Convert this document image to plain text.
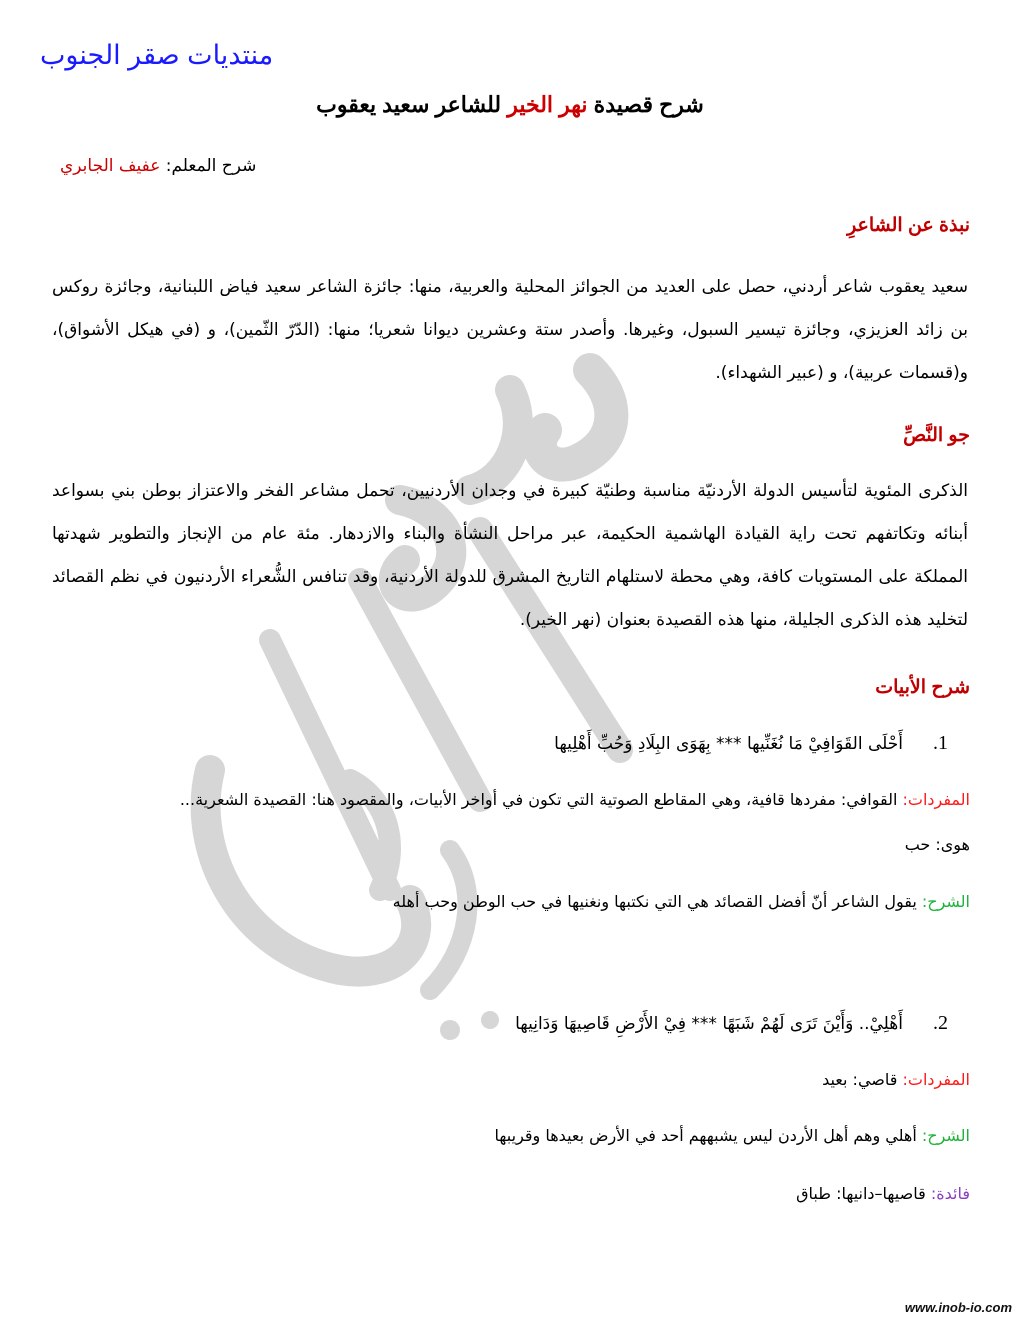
منتديات صقر الجنوب
شرح قصيدة نهر الخير للشاعر سعيد يعقوب
شرح المعلم: عفيف الجابري
نبذة عن الشاعرِ
سعيد يعقوب شاعر أردني، حصل على العديد من الجوائز المحلية والعربية، منها: جائزة الشاعر سعيد فياض اللبنانية، وجائزة روكس بن زائد العزيزي، وجائزة تيسير السبول، وغيرها. وأصدر ستة وعشرين ديوانا شعريا؛ منها: (الدّرّ الثّمين)، و (في هيكل الأشواق)، و(قسمات عربية)، و (عبير الشهداء).
جو النَّصِّ
الذكرى المئوية لتأسيس الدولة الأردنيّة مناسبة وطنيّة كبيرة في وجدان الأردنيين، تحمل مشاعر الفخر والاعتزاز بوطن بني بسواعد أبنائه وتكاتفهم تحت راية القيادة الهاشمية الحكيمة، عبر مراحل النشأة والبناء والازدهار. مئة عام من الإنجاز والتطوير شهدتها المملكة على المستويات كافة، وهي محطة لاستلهام التاريخ المشرق للدولة الأردنية، وقد تنافس الشُّعراء الأردنيون في نظم القصائد لتخليد هذه الذكرى الجليلة، منها هذه القصيدة بعنوان (نهر الخير).
شرح الأبيات
1.
أَحْلَى القَوَافِيْ مَا نُغَنِّيها *** بِهَوَى البِلَادِ وَحُبِّ أَهْلِيها
المفردات: القوافي: مفردها قافية، وهي المقاطع الصوتية التي تكون في أواخر الأبيات، والمقصود هنا: القصيدة الشعرية...
هوى: حب
الشرح: يقول الشاعر أنّ أفضل القصائد هي التي نكتبها ونغنيها في حب الوطن وحب أهله
2.
أَهْلِيْ.. وَأَيْنَ تَرَى لَهُمْ شَبَهًا *** فِيْ الأَرْضِ قَاصِيهَا وَدَانِيها
المفردات: قاصي: بعيد
الشرح: أهلي وهم أهل الأردن ليس يشبههم أحد في الأرض بعيدها وقريبها
فائدة: قاصيها–دانيها: طباق
www.inob-io.com
